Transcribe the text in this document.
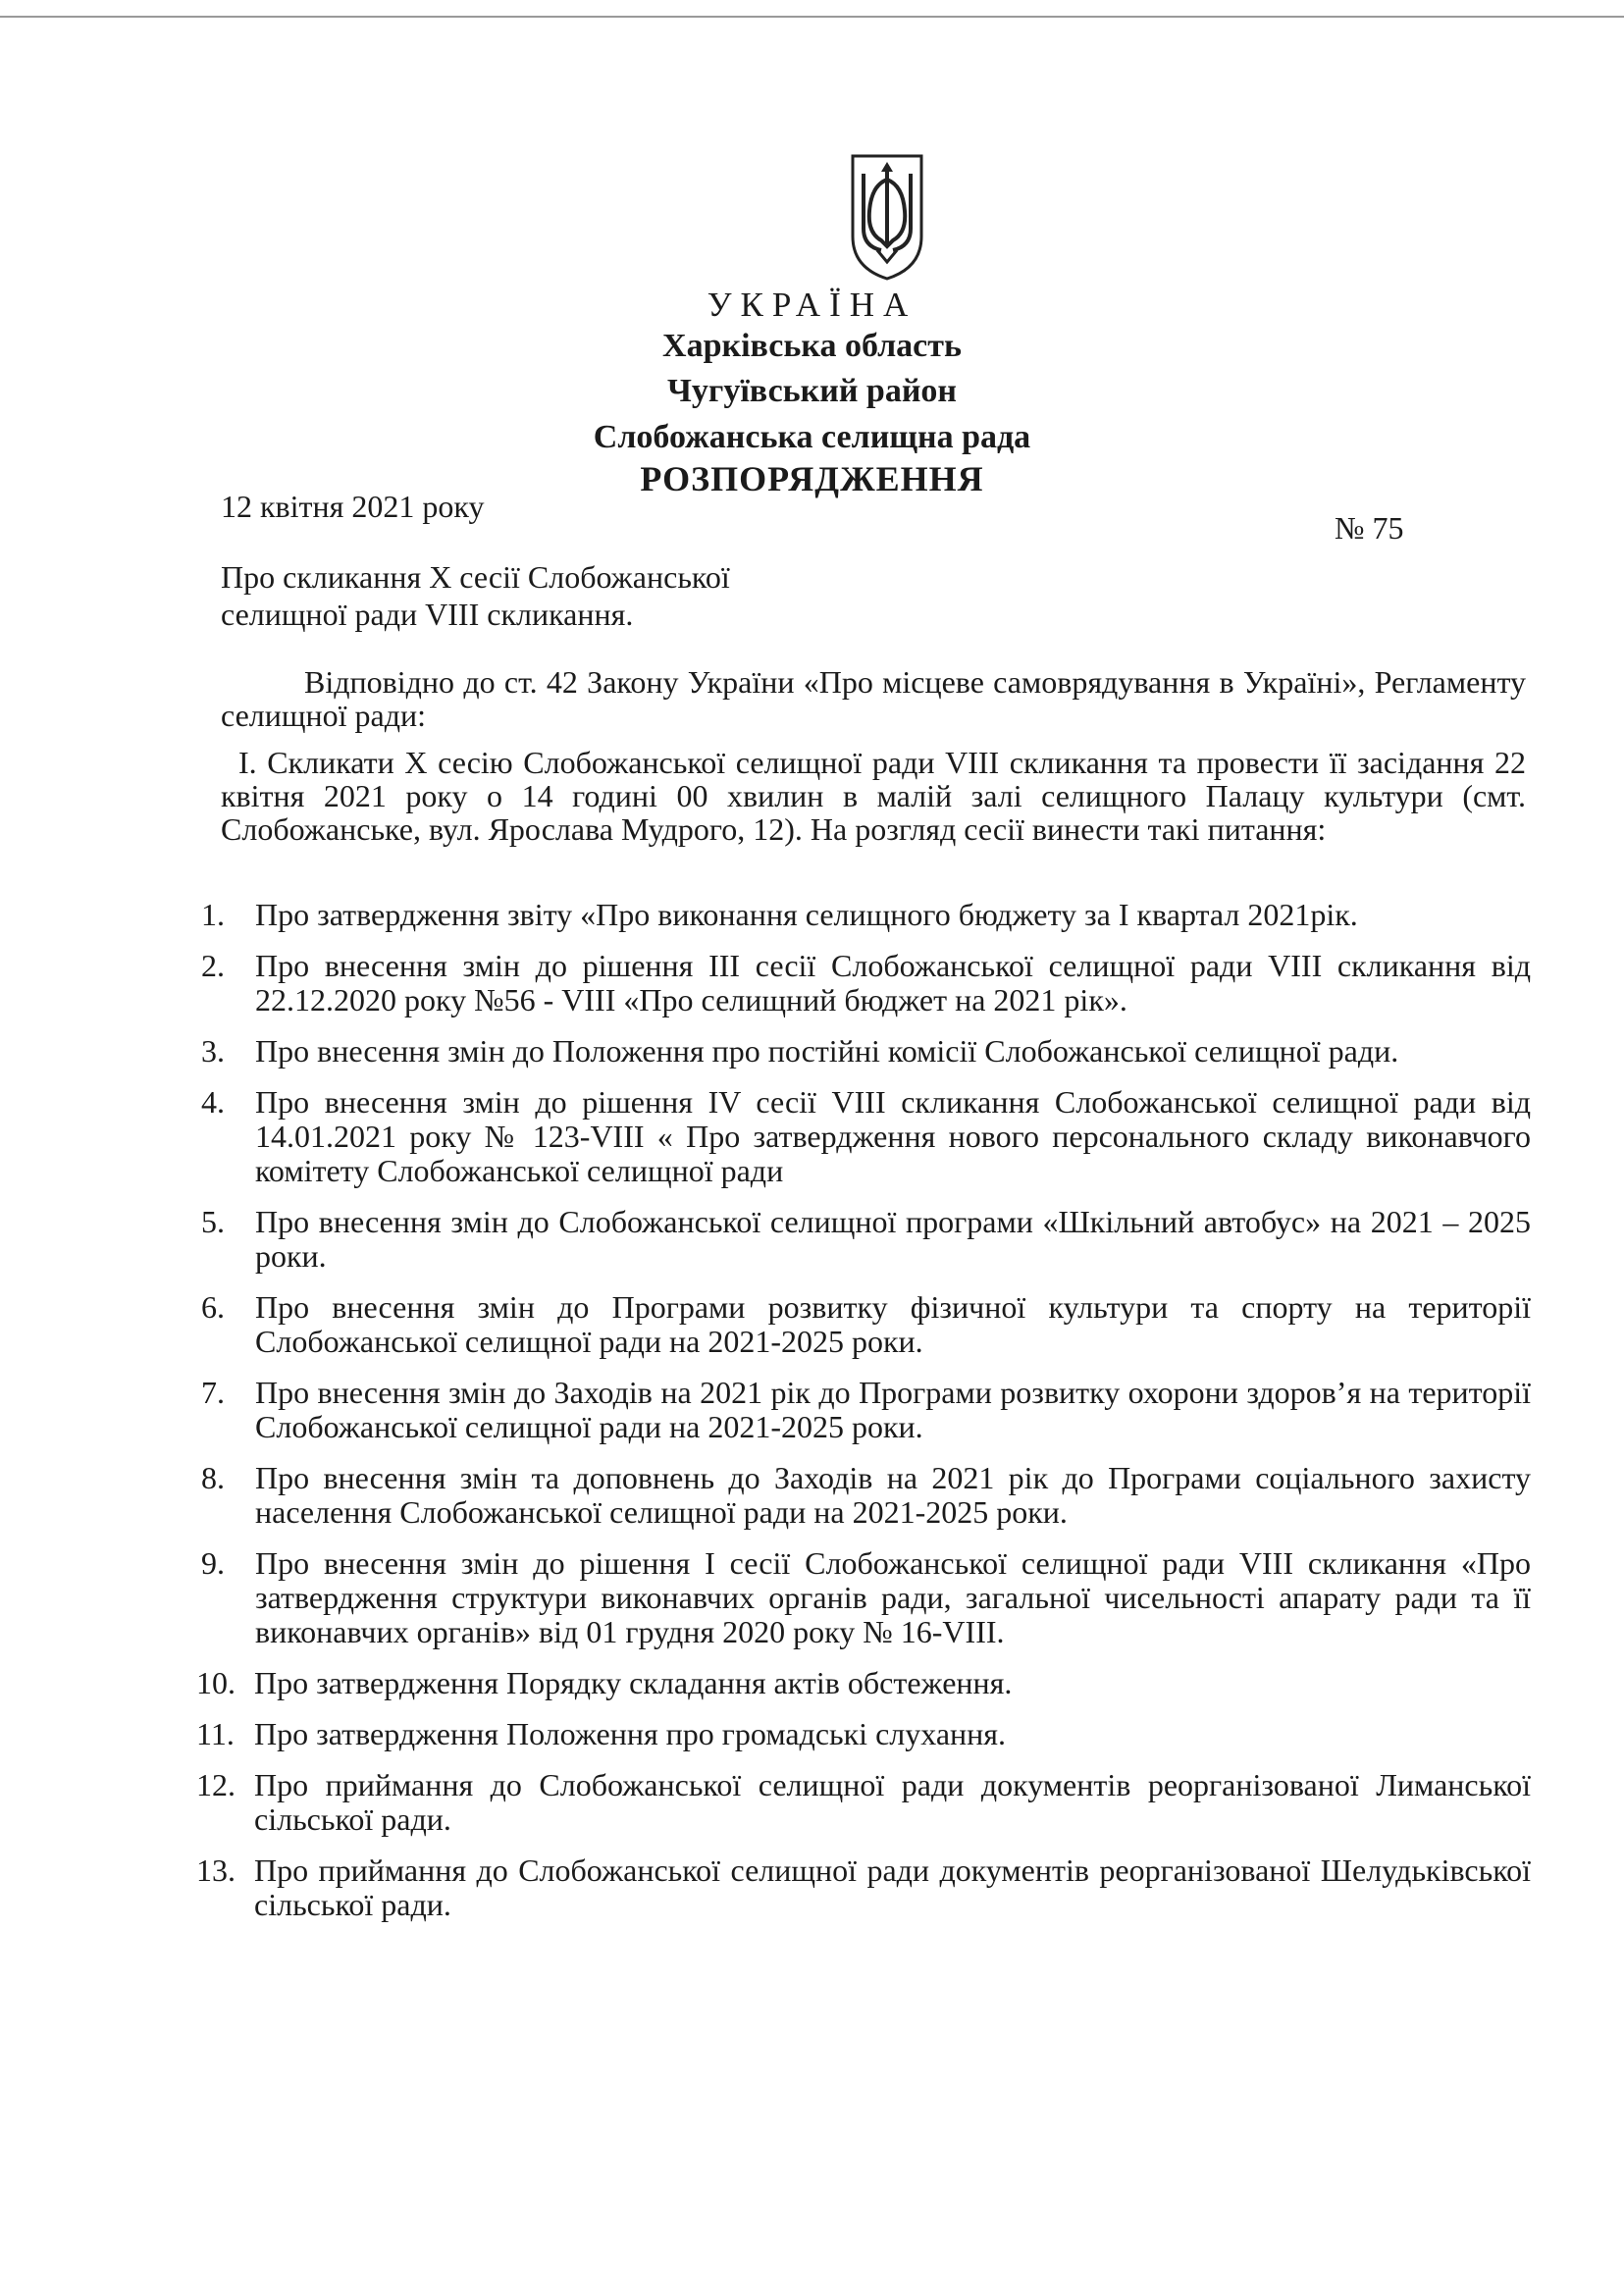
УКРАЇНА
Харківська область
Чугуївський район
Слобожанська селищна рада
РОЗПОРЯДЖЕННЯ
12 квітня 2021 року
№ 75
Про скликання Х сесії Слобожанської
селищної ради VIII скликання.
Відповідно до ст. 42 Закону України «Про місцеве самоврядування в Україні», Регламенту селищної ради:
I. Скликати Х сесію Слобожанської селищної ради VIII скликання та провести її засідання 22 квітня 2021 року о 14 годині 00 хвилин в малій залі селищного Палацу культури (смт. Слобожанське, вул. Ярослава Мудрого, 12). На розгляд сесії винести такі питання:
1. Про затвердження звіту «Про виконання селищного бюджету за I квартал 2021рік.
2. Про внесення змін до рішення III сесії Слобожанської селищної ради VIII скликання від 22.12.2020 року №56 - VIII «Про селищний бюджет на 2021 рік».
3. Про внесення змін до Положення про постійні комісії Слобожанської селищної ради.
4. Про внесення змін до рішення IV сесії VIII скликання Слобожанської селищної ради від 14.01.2021 року № 123-VIII « Про затвердження нового персонального складу виконавчого комітету Слобожанської селищної ради
5. Про внесення змін до Слобожанської селищної програми «Шкільний автобус» на 2021 – 2025 роки.
6. Про внесення змін до Програми розвитку фізичної культури та спорту на території Слобожанської селищної ради на 2021-2025 роки.
7. Про внесення змін до Заходів на 2021 рік до Програми розвитку охорони здоров’я на території Слобожанської селищної ради на 2021-2025 роки.
8. Про внесення змін та доповнень до Заходів на 2021 рік до Програми соціального захисту населення Слобожанської селищної ради на 2021-2025 роки.
9. Про внесення змін до рішення I сесії Слобожанської селищної ради VIII скликання «Про затвердження структури виконавчих органів ради, загальної чисельності апарату ради та її виконавчих органів» від 01 грудня 2020 року № 16-VIII.
10. Про затвердження Порядку складання актів обстеження.
11. Про затвердження Положення про громадські слухання.
12. Про приймання до Слобожанської селищної ради документів реорганізованої Лиманської сільської ради.
13. Про приймання до Слобожанської селищної ради документів реорганізованої Шелудьківської сільської ради.
